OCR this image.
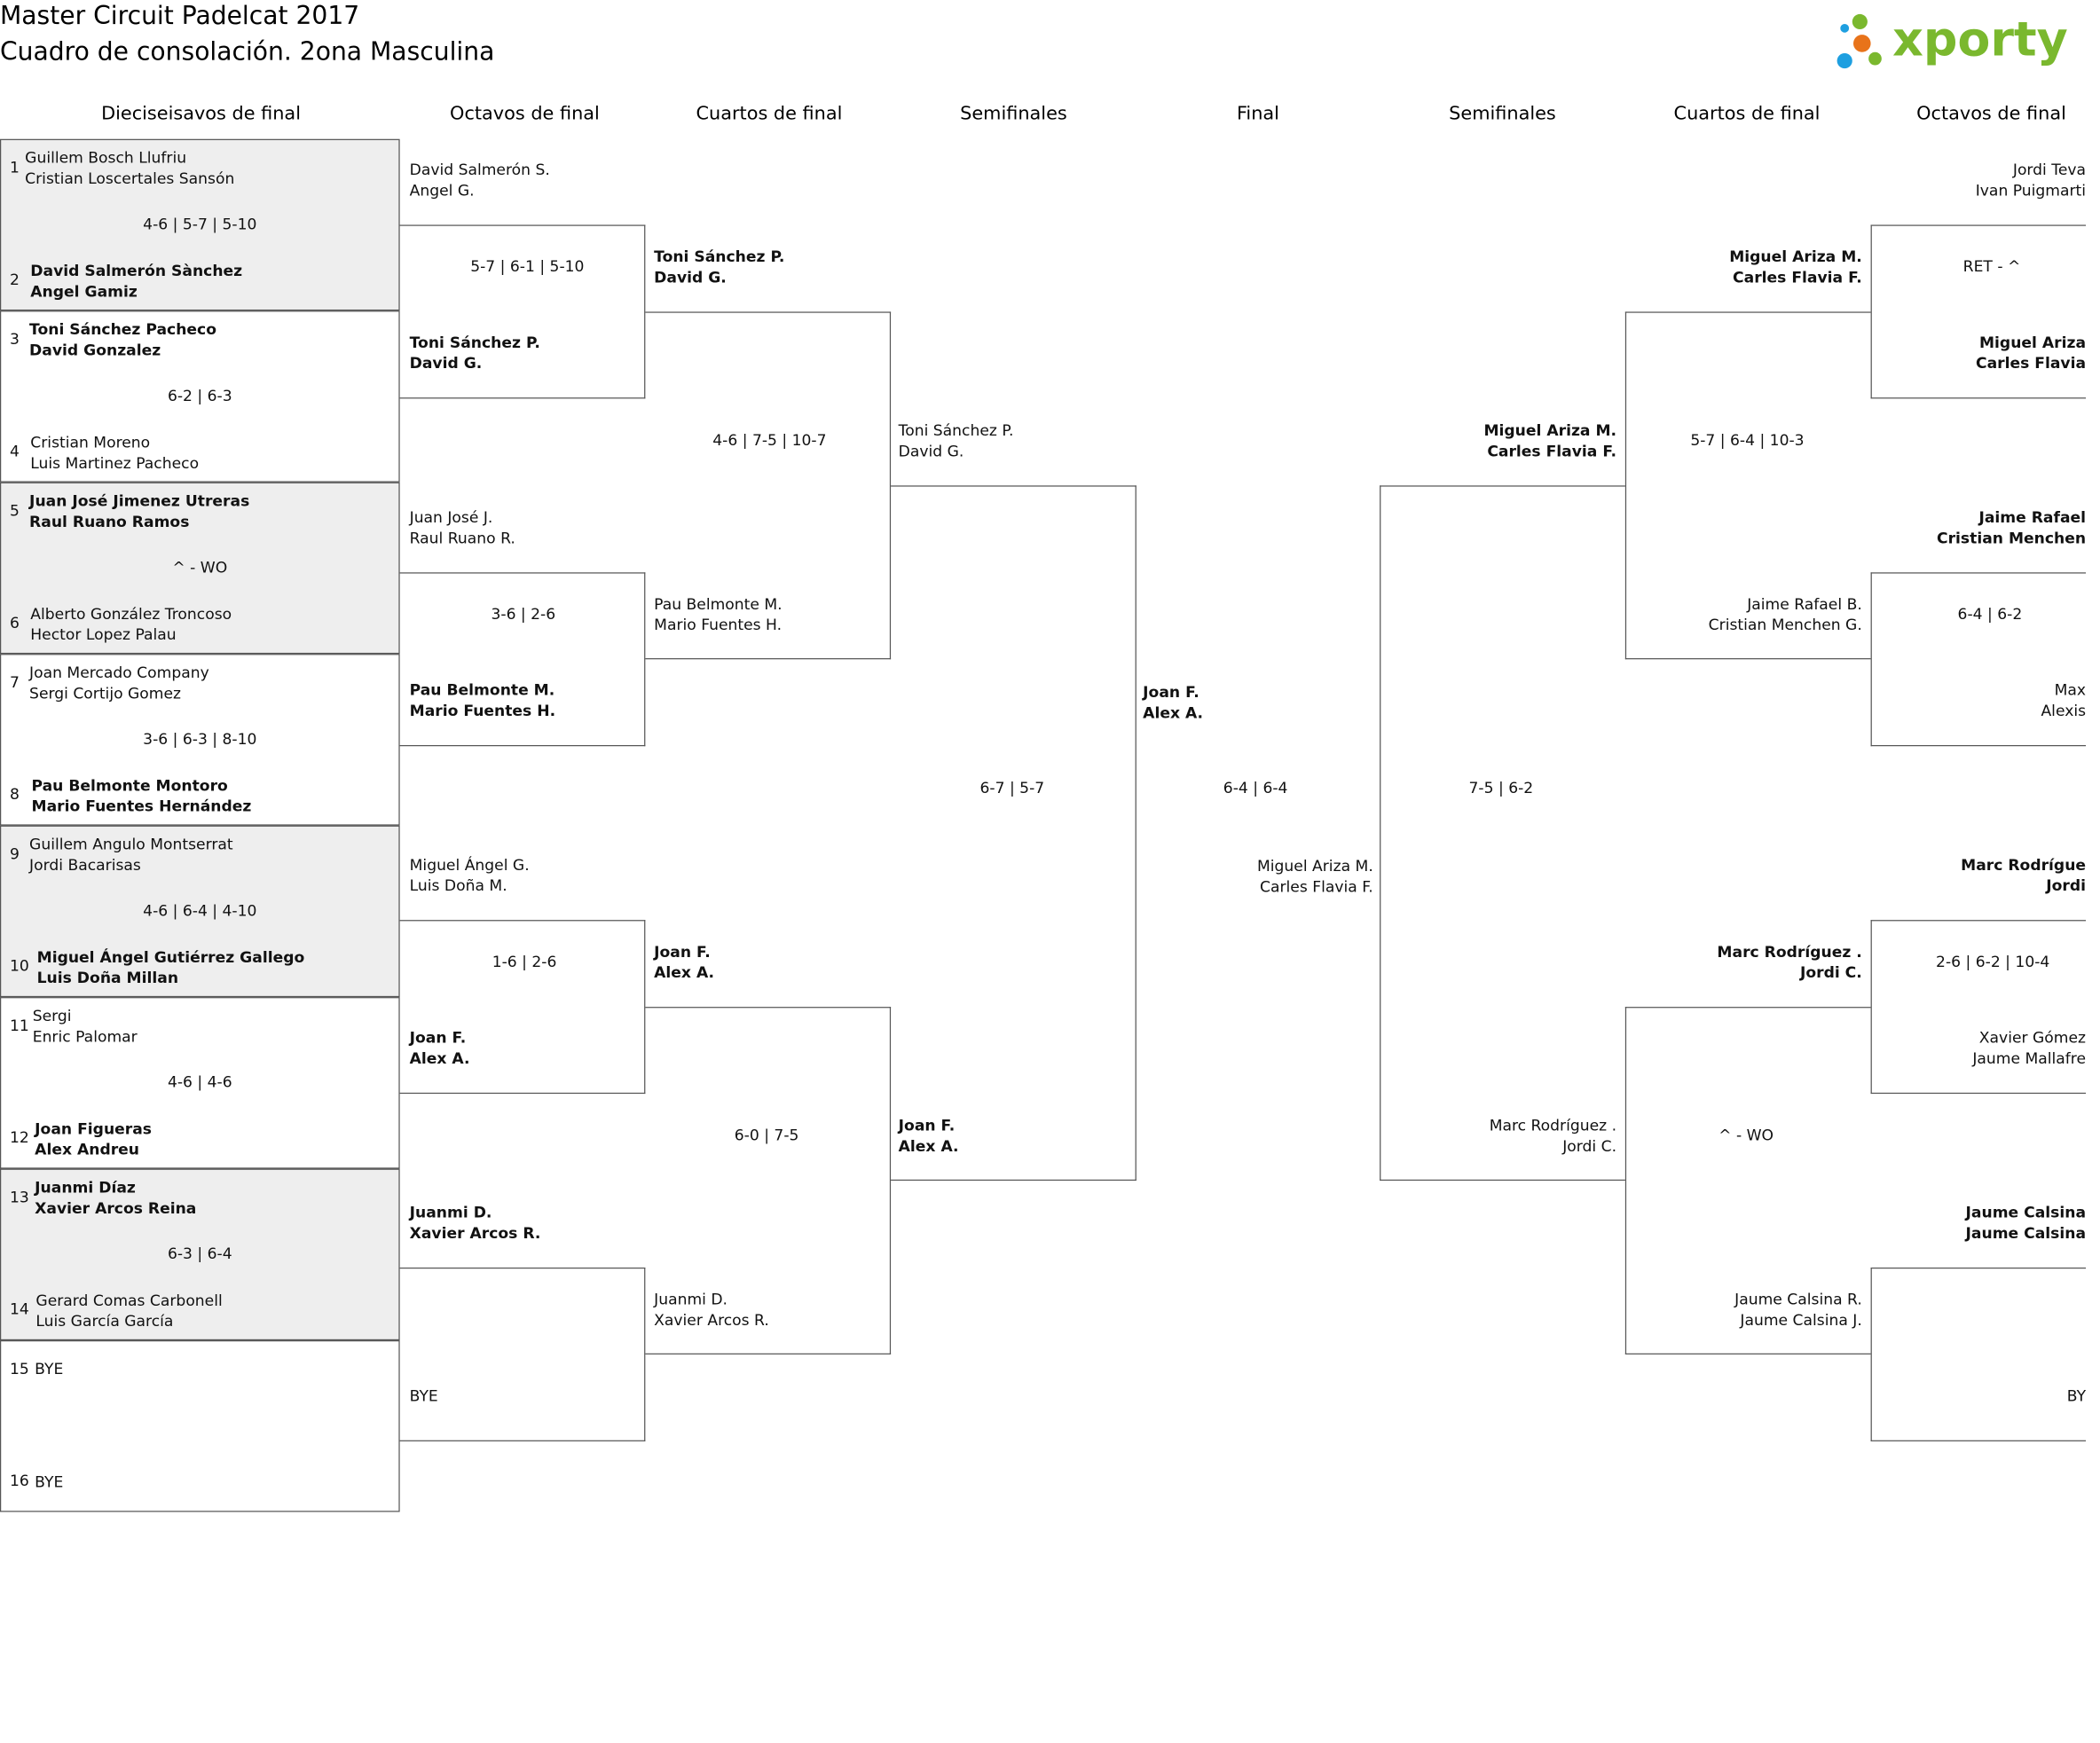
Master Circuit Padelcat 2017
Cuadro de consolación. 2ona Masculina	xporty
Dieciseisavos de final	Octavos de final	Cuartos de final	Semifinales	Final	Semifinales	Cuartos de final	Octavos de final
1
Guillem Bosch Llufriu
Cristian Loscertales Sansón
4-6 | 5-7 | 5-10
2 David Salmerón Sànchez
Angel Gamiz
3
Toni Sánchez Pacheco
David Gonzalez
6-2 | 6-3
4 Cristian Moreno
Luis Martinez Pacheco
5
Juan José Jimenez Utreras
Raul Ruano Ramos
^ - WO
6 Alberto González Troncoso
Hector Lopez Palau
7
Joan Mercado Company
Sergi Cortijo Gomez
3-6 | 6-3 | 8-10
8 Pau Belmonte Montoro
Mario Fuentes Hernández
9
Guillem Angulo Montserrat
Jordi Bacarisas
4-6 | 6-4 | 4-10
10 Miguel Ángel Gutiérrez Gallego
Luis Doña Millan
11
Sergi
Enric Palomar
4-6 | 4-6
12
Joan Figueras
Alex Andreu
13
Juanmi Díaz
Xavier Arcos Reina
6-3 | 6-4
14 Gerard Comas Carbonell
Luis García García
15 BYE
16 BYE
David Salmerón S.
Angel G.
5-7 | 6-1 | 5-10
Toni Sánchez P.
David G.
Juan José J.
Raul Ruano R.
3-6 | 2-6
Pau Belmonte M.
Mario Fuentes H.
Miguel Ángel G.
Luis Doña M.
1-6 | 2-6
Joan F.
Alex A.
Juanmi D.
Xavier Arcos R.
BYE
Toni Sánchez P.
David G.
4-6 | 7-5 | 10-7
Pau Belmonte M.
Mario Fuentes H.
Joan F.
Alex A.
6-0 | 7-5
Juanmi D.
Xavier Arcos R.
Toni Sánchez P.
David G.
6-7 | 5-7
Joan F.
Alex A.
Joan F.
Alex A.
6-4 | 6-4
Miguel Ariza M.
Carles Flavia F.
Miguel Ariza M.
Carles Flavia F.
7-5 | 6-2
Marc Rodríguez .
Jordi C.
Miguel Ariza M.
Carles Flavia F.
5-7 | 6-4 | 10-3
Jaime Rafael B.
Cristian Menchen G.
Marc Rodríguez .
Jordi C.
^ - WO
Jaume Calsina R.
Jaume Calsina J.
Jordi Teva
Ivan Puigmarti
RET - ^
Miguel Ariza
Carles Flavia
Jaime Rafael
Cristian Menchen
6-4 | 6-2
Max
Alexis
Marc Rodrígue
Jordi
2-6 | 6-2 | 10-4
Xavier Gómez
Jaume Mallafre
Jaume Calsina
Jaume Calsina
BY
